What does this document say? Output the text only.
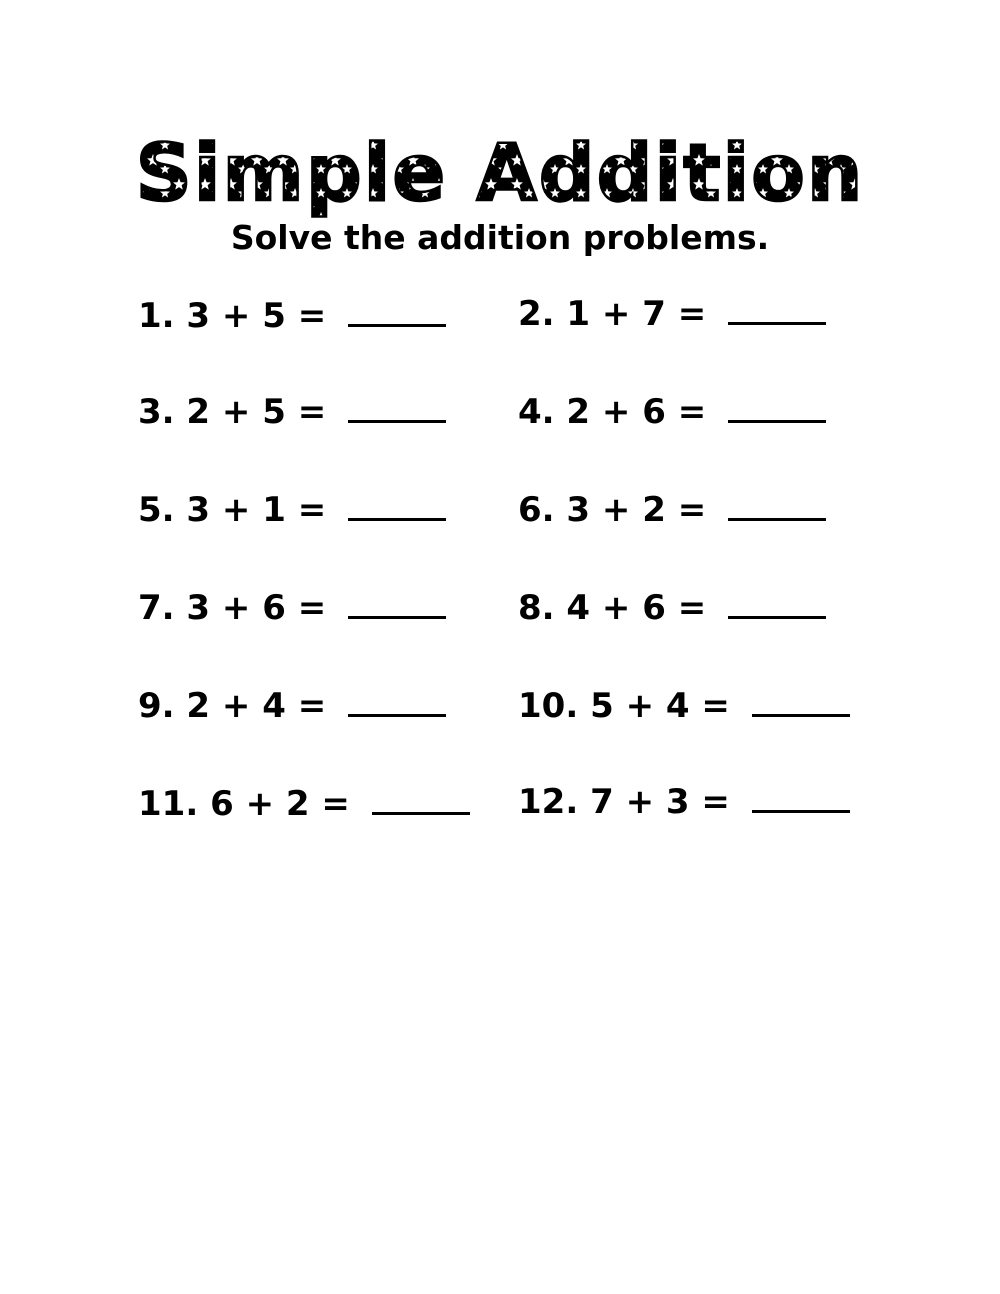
Simple Addition
Solve the addition problems.
1. 3 + 5 =	2. 1 + 7 =
3. 2 + 5 =	4. 2 + 6 =
5. 3 + 1 =	6. 3 + 2 =
7. 3 + 6 =	8. 4 + 6 =
9. 2 + 4 =	10. 5 + 4 =
11. 6 + 2 =	12. 7 + 3 =
